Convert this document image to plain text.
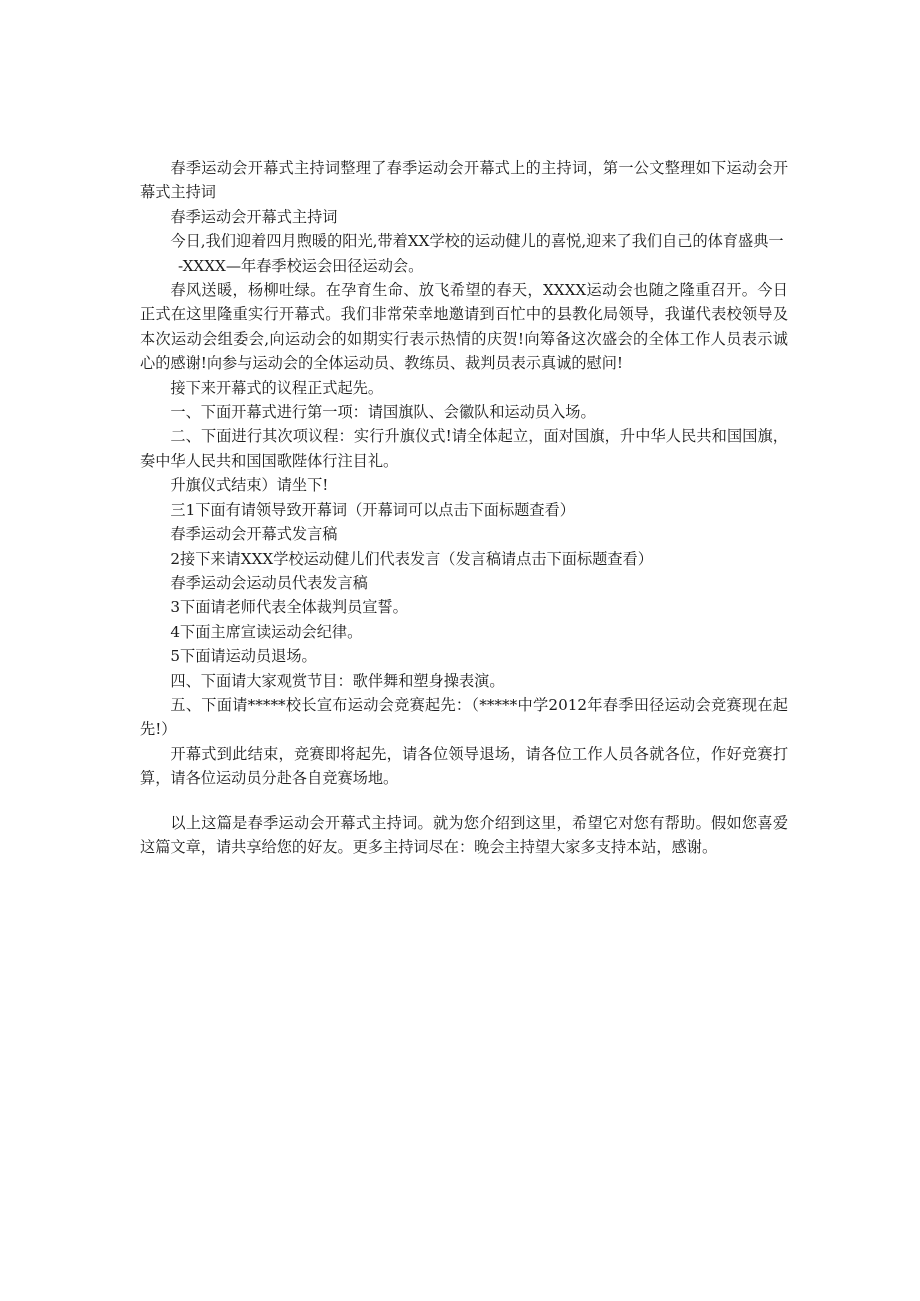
春季运动会开幕式主持词整理了春季运动会开幕式上的主持词，第一公文整理如下运动会开幕式主持词

春季运动会开幕式主持词

今日,我们迎着四月煦暖的阳光,带着XX学校的运动健儿的喜悦,迎来了我们自己的体育盛典一

-XXXX—年春季校运会田径运动会。

春风送暖，杨柳吐绿。在孕育生命、放飞希望的春天，XXXX运动会也随之隆重召开。今日正式在这里隆重实行开幕式。我们非常荣幸地邀请到百忙中的县教化局领导，我谨代表校领导及本次运动会组委会,向运动会的如期实行表示热情的庆贺!向筹备这次盛会的全体工作人员表示诚心的感谢!向参与运动会的全体运动员、教练员、裁判员表示真诚的慰问!

接下来开幕式的议程正式起先。

一、下面开幕式进行第一项：请国旗队、会徽队和运动员入场。

二、下面进行其次项议程：实行升旗仪式!请全体起立，面对国旗，升中华人民共和国国旗，奏中华人民共和国国歌陛体行注目礼。

升旗仪式结束）请坐下!

三1下面有请领导致开幕词（开幕词可以点击下面标题查看）

春季运动会开幕式发言稿

2接下来请XXX学校运动健儿们代表发言（发言稿请点击下面标题查看）

春季运动会运动员代表发言稿

3下面请老师代表全体裁判员宣誓。

4下面主席宣读运动会纪律。

5下面请运动员退场。

四、下面请大家观赏节目：歌伴舞和塑身操表演。

五、下面请*****校长宣布运动会竞赛起先：（*****中学2012年春季田径运动会竞赛现在起先!）

开幕式到此结束，竞赛即将起先，请各位领导退场，请各位工作人员各就各位，作好竞赛打算，请各位运动员分赴各自竞赛场地。

以上这篇是春季运动会开幕式主持词。就为您介绍到这里，希望它对您有帮助。假如您喜爱这篇文章，请共享给您的好友。更多主持词尽在：晚会主持望大家多支持本站，感谢。
